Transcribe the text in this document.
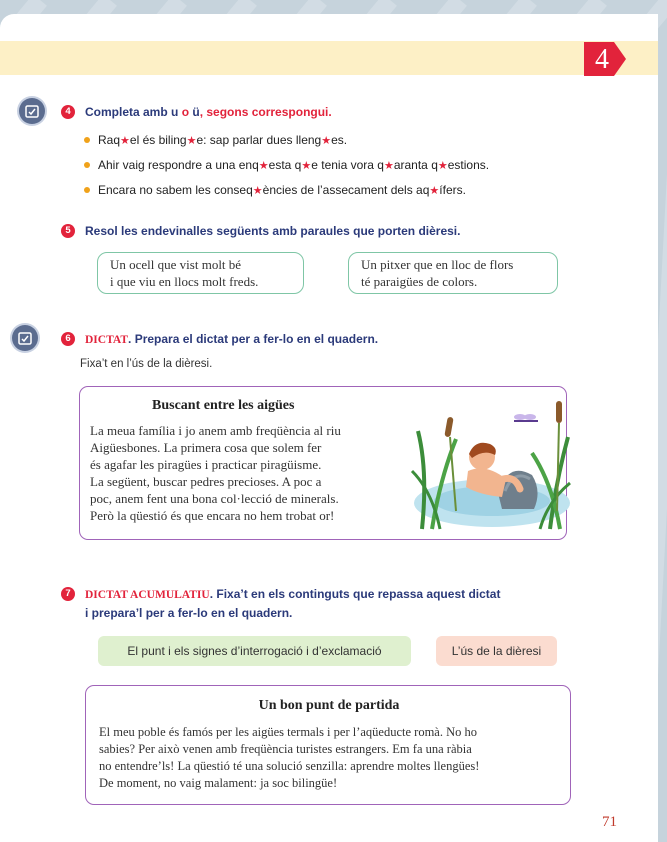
4
4	Completa amb u o ü, segons correspongui.
Raq★el és biling★e: sap parlar dues lleng★es.
Ahir vaig respondre a una enq★esta q★e tenia vora q★aranta q★estions.
Encara no sabem les conseq★ències de l’assecament dels aq★ífers.
5	Resol les endevinalles següents amb paraules que porten dièresi.
Un ocell que vist molt bé
i que viu en llocs molt freds.
Un pitxer que en lloc de flors
té paraigües de colors.
6	DICTAT. Prepara el dictat per a fer-lo en el quadern.
Fixa’t en l’ús de la dièresi.
Buscant entre les aigües
La meua família i jo anem amb freqüència al riu
Aigüesbones. La primera cosa que solem fer
és agafar les piragües i practicar piragüisme.
La següent, buscar pedres precioses. A poc a
poc, anem fent una bona col·lecció de minerals.
Però la qüestió és que encara no hem trobat or!
7	DICTAT ACUMULATIU. Fixa’t en els continguts que repassa aquest dictat
i prepara’l per a fer-lo en el quadern.
El punt i els signes d’interrogació i d’exclamació	L’ús de la dièresi
Un bon punt de partida
El meu poble és famós per les aigües termals i per l’aqüeducte romà. No ho
sabies? Per això venen amb freqüència turistes estrangers. Em fa una ràbia
no entendre’ls! La qüestió té una solució senzilla: aprendre moltes llengües!
De moment, no vaig malament: ja soc bilingüe!
71
